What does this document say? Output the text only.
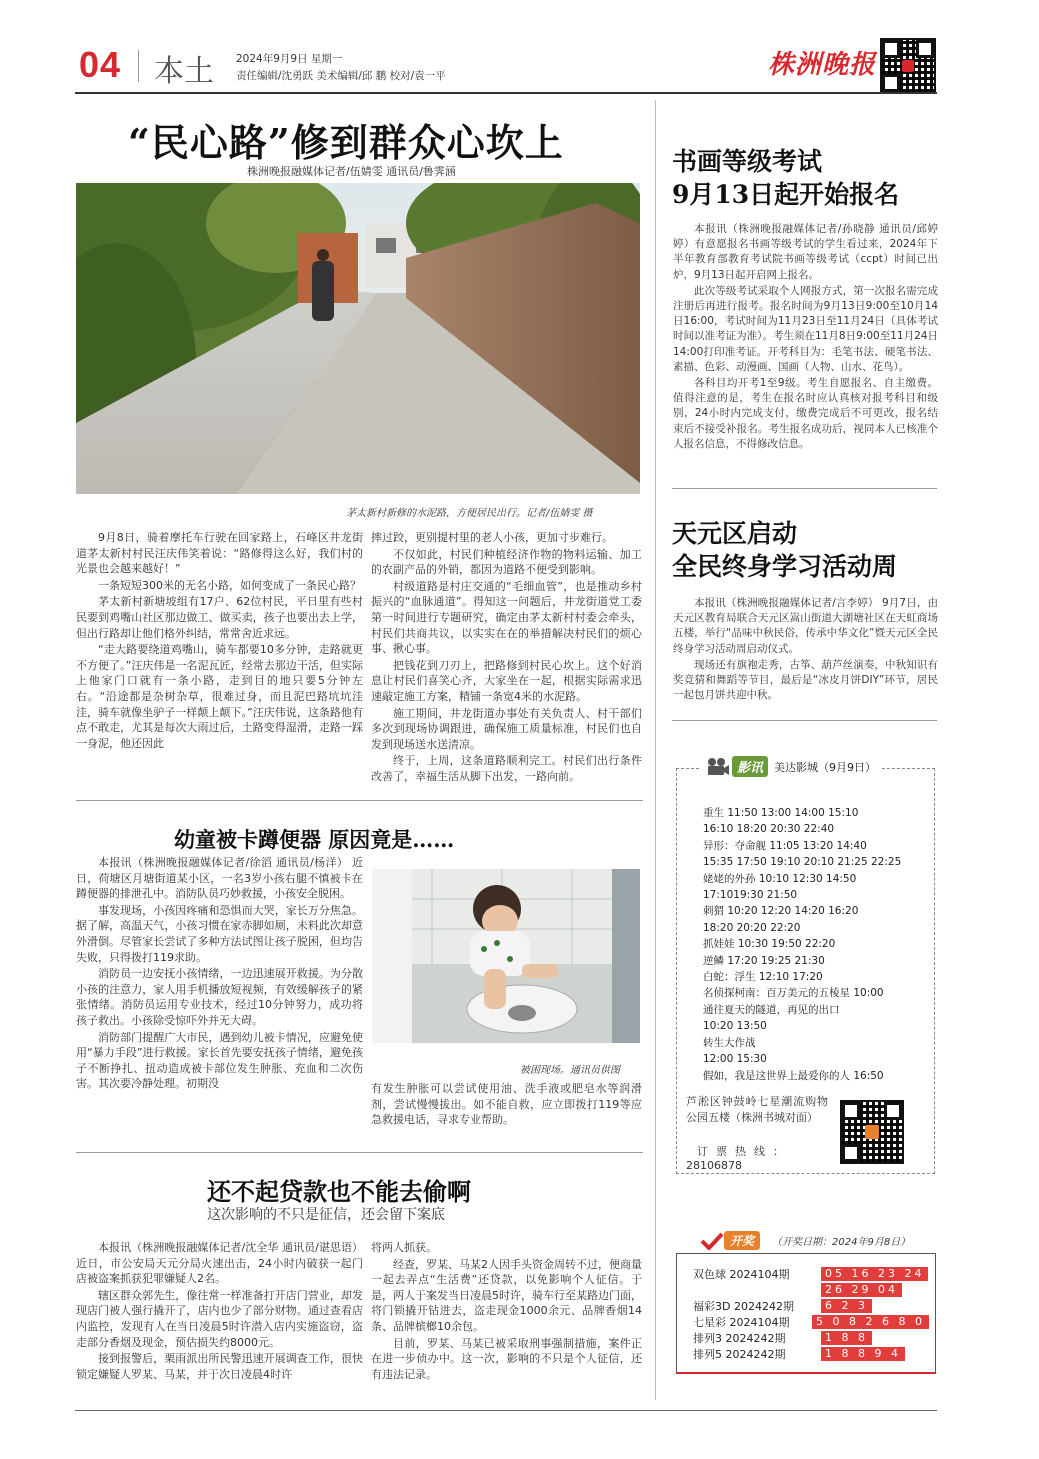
04 本土 2024年9月9日 星期一
责任编辑/沈勇跃 美术编辑/邱 鹏 校对/袁一平	株洲晚报
“民心路”修到群众心坎上
株洲晚报融媒体记者/伍婧雯 通讯员/鲁霁涵
茅太新村新修的水泥路，方便居民出行。记者/伍婧雯 摄

9月8日，骑着摩托车行驶在回家路上，石峰区井龙街道茅太新村村民汪庆伟笑着说：“路修得这么好，我们村的光景也会越来越好！”

一条短短300米的无名小路，如何变成了一条民心路？

茅太新村新塘坡组有17户、62位村民，平日里有些村民要到鸡嘴山社区那边做工、做买卖，孩子也要出去上学，但出行路却让他们格外纠结，常常舍近求远。

“走大路要绕道鸡嘴山，骑车都要10多分钟，走路就更不方便了。”汪庆伟是一名泥瓦匠，经常去那边干活，但实际上他家门口就有一条小路，走到目的地只要5分钟左右。“沿途都是杂树杂草，很难过身，而且泥巴路坑坑洼洼，骑车就像坐驴子一样颠上颠下。”汪庆伟说，这条路他有点不敢走，尤其是每次大雨过后，土路变得湿滑，走路一踩一身泥，他还因此

摔过跤，更别提村里的老人小孩，更加寸步难行。

不仅如此，村民们种植经济作物的物料运输、加工的农副产品的外销，都因为道路不便受到影响。

村级道路是村庄交通的“毛细血管”，也是推动乡村振兴的“血脉通道”。得知这一问题后，井龙街道党工委第一时间进行专题研究，确定由茅太新村村委会牵头，村民们共商共议，以实实在在的举措解决村民们的烦心事、揪心事。

把钱花到刀刃上，把路修到村民心坎上。这个好消息让村民们喜笑心齐，大家坐在一起，根据实际需求迅速敲定施工方案，精铺一条宽4米的水泥路。

施工期间，井龙街道办事处有关负责人、村干部们多次到现场协调跟进，确保施工质量标准，村民们也自发到现场送水送清凉。

终于，上周，这条道路顺利完工。村民们出行条件改善了，幸福生活从脚下出发，一路向前。

书画等级考试
9月13日起开始报名

本报讯（株洲晚报融媒体记者/孙晓静 通讯员/邱婷婷）有意愿报名书画等级考试的学生看过来，2024年下半年教育部教育考试院书画等级考试（ccpt）时间已出炉，9月13日起开启网上报名。

此次等级考试采取个人网报方式，第一次报名需完成注册后再进行报考。报名时间为9月13日9:00至10月14日16:00，考试时间为11月23日至11月24日（具体考试时间以准考证为准）。考生须在11月8日9:00至11月24日14:00打印准考证。开考科目为：毛笔书法、硬笔书法、素描、色彩、动漫画、国画（人物、山水、花鸟）。

各科目均开考1至9级。考生自愿报名、自主缴费。值得注意的是，考生在报名时应认真核对报考科目和级别，24小时内完成支付，缴费完成后不可更改，报名结束后不接受补报名。考生报名成功后，视同本人已核准个人报名信息，不得修改信息。

天元区启动
全民终身学习活动周

本报讯（株洲晚报融媒体记者/言李婷） 9月7日，由天元区教育局联合天元区嵩山街道大湖塘社区在天虹商场五楼，举行“品味中秋民俗，传承中华文化”暨天元区全民终身学习活动周启动仪式。

现场还有旗袍走秀，古筝、葫芦丝演奏，中秋知识有奖竞猜和舞蹈等节目，最后是“冰皮月饼DIY”环节，居民一起包月饼共迎中秋。

影讯	美达影城（9月9日）
重生 11:50 13:00 14:00 15:10
16:10 18:20 20:30 22:40
异形：夺命舰 11:05 13:20 14:40
15:35 17:50 19:10 20:10 21:25 22:25
姥姥的外孙 10:10 12:30 14:50
17:1019:30 21:50
刺猬 10:20 12:20 14:20 16:20
18:20 20:20 22:20
抓娃娃 10:30 19:50 22:20
逆鳞 17:20 19:25 21:30
白蛇：浮生 12:10 17:20
名侦探柯南：百万美元的五棱星 10:00
通往夏天的隧道，再见的出口
10:20 13:50
转生大作战
12:00 15:30
假如，我是这世界上最爱你的人 16:50
芦淞区钟鼓岭七星潮流购物公园五楼（株洲书城对面）
订票热线：
28106878
幼童被卡蹲便器 原因竟是……

本报讯（株洲晚报融媒体记者/徐滔 通讯员/杨洋） 近日，荷塘区月塘街道某小区，一名3岁小孩右腿不慎被卡在蹲便器的排泄孔中。消防队员巧妙救援，小孩安全脱困。

事发现场，小孩因疼痛和恐惧而大哭，家长万分焦急。据了解，高温天气，小孩习惯在家赤脚如厕，未料此次却意外滑倒。尽管家长尝试了多种方法试图让孩子脱困，但均告失败，只得拨打119求助。

消防员一边安抚小孩情绪，一边迅速展开救援。为分散小孩的注意力，家人用手机播放短视频，有效缓解孩子的紧张情绪。消防员运用专业技术，经过10分钟努力，成功将孩子救出。小孩除受惊吓外并无大碍。

消防部门提醒广大市民，遇到幼儿被卡情况，应避免使用“暴力手段”进行救援。家长首先要安抚孩子情绪，避免孩子不断挣扎、扭动造成被卡部位发生肿胀、充血和二次伤害。其次要冷静处理。初期没

被困现场。通讯员供图

有发生肿胀可以尝试使用油、洗手液或肥皂水等润滑剂，尝试慢慢拔出。如不能自救，应立即拨打119等应急救援电话，寻求专业帮助。

还不起贷款也不能去偷啊
这次影响的不只是征信，还会留下案底

本报讯（株洲晚报融媒体记者/沈全华 通讯员/谌思语） 近日，市公安局天元分局火速出击，24小时内破获一起门店被盗案抓获犯罪嫌疑人2名。

辖区群众郭先生，像往常一样准备打开店门营业，却发现店门被人强行撬开了，店内也少了部分财物。通过查看店内监控，发现有人在当日凌晨5时许潜入店内实施盗窃，盗走部分香烟及现金，预估损失约8000元。

接到报警后，栗雨派出所民警迅速开展调查工作，很快锁定嫌疑人罗某、马某，并于次日凌晨4时许

将两人抓获。

经查，罗某、马某2人因手头资金周转不过，便商量一起去弄点“生活费”还贷款，以免影响个人征信。于是，两人于案发当日凌晨5时许，骑车行至某路边门面，将门锁撬开钻进去，盗走现金1000余元、品牌香烟14条、品牌槟榔10余包。

目前，罗某、马某已被采取刑事强制措施，案件正在进一步侦办中。这一次，影响的不只是个人征信，还有违法记录。

开奖	（开奖日期：2024年9月8日）
双色球 2024104期	05 16 23 24
26 29 04
福彩3D 2024242期	6 2 3
七星彩 2024104期	5 0 8 2 6 8 0
排列3 2024242期	1 8 8
排列5 2024242期	1 8 8 9 4
